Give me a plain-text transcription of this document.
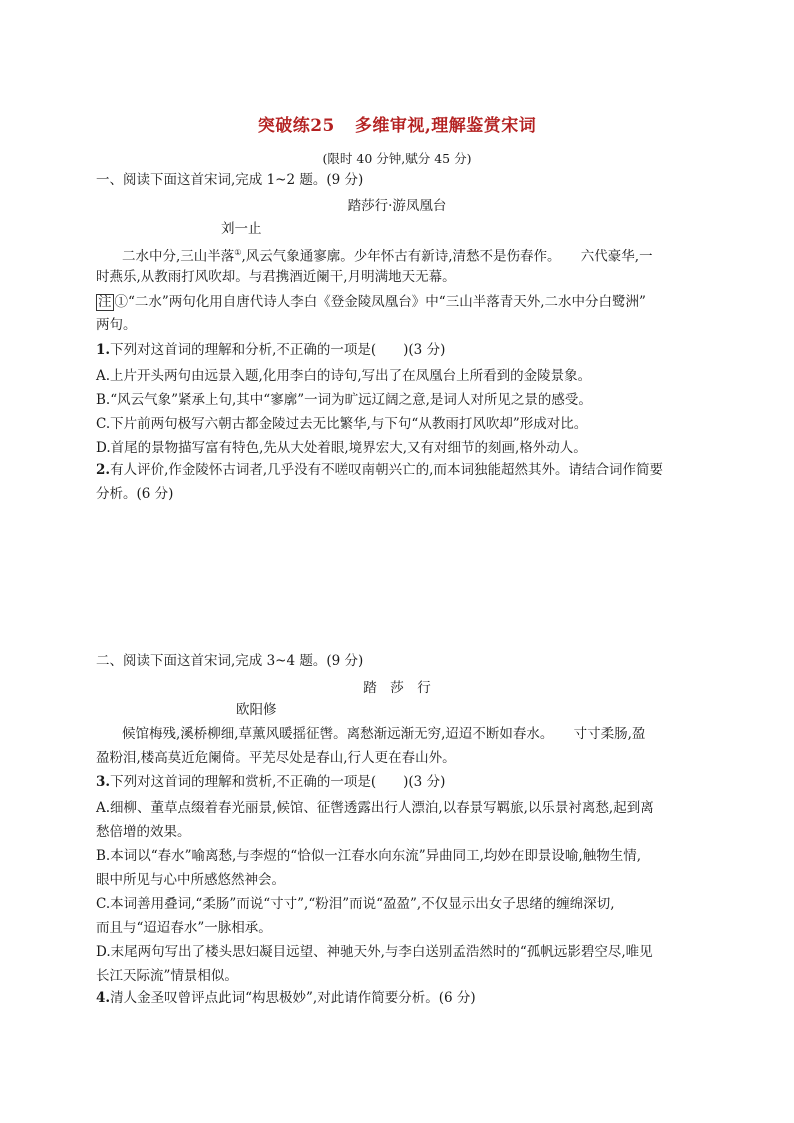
突破练25 多维审视,理解鉴赏宋词
(限时 40 分钟,赋分 45 分)
一、阅读下面这首宋词,完成 1~2 题。(9 分)
踏莎行·游凤凰台
刘一止
二水中分,三山半落①,风云气象通寥廓。少年怀古有新诗,清愁不是伤春作。　　六代豪华,一
时燕乐,从教雨打风吹却。与君携酒近阑干,月明满地天无幕。
注 ①“二水”两句化用自唐代诗人李白《登金陵凤凰台》中“三山半落青天外,二水中分白鹭洲”
两句。
1.下列对这首词的理解和分析,不正确的一项是(　　)(3 分)
A.上片开头两句由远景入题,化用李白的诗句,写出了在凤凰台上所看到的金陵景象。
B.“风云气象”紧承上句,其中“寥廓”一词为旷远辽阔之意,是词人对所见之景的感受。
C.下片前两句极写六朝古都金陵过去无比繁华,与下句“从教雨打风吹却”形成对比。
D.首尾的景物描写富有特色,先从大处着眼,境界宏大,又有对细节的刻画,格外动人。
2.有人评价,作金陵怀古词者,几乎没有不嗟叹南朝兴亡的,而本词独能超然其外。请结合词作简要
分析。(6 分)
二、阅读下面这首宋词,完成 3~4 题。(9 分)
踏　莎　行
欧阳修
候馆梅残,溪桥柳细,草薰风暖摇征辔。离愁渐远渐无穷,迢迢不断如春水。　　寸寸柔肠,盈
盈粉泪,楼高莫近危阑倚。平芜尽处是春山,行人更在春山外。
3.下列对这首词的理解和赏析,不正确的一项是(　　)(3 分)
A.细柳、董草点缀着春光丽景,候馆、征辔透露出行人漂泊,以春景写羁旅,以乐景衬离愁,起到离
愁倍增的效果。
B.本词以“春水”喻离愁,与李煜的“恰似一江春水向东流”异曲同工,均妙在即景设喻,触物生情,
眼中所见与心中所感悠然神会。
C.本词善用叠词,“柔肠”而说“寸寸”,“粉泪”而说“盈盈”,不仅显示出女子思绪的缠绵深切,
而且与“迢迢春水”一脉相承。
D.末尾两句写出了楼头思妇凝目远望、神驰天外,与李白送别孟浩然时的“孤帆远影碧空尽,唯见
长江天际流”情景相似。
4.清人金圣叹曾评点此词“构思极妙”,对此请作简要分析。(6 分)
